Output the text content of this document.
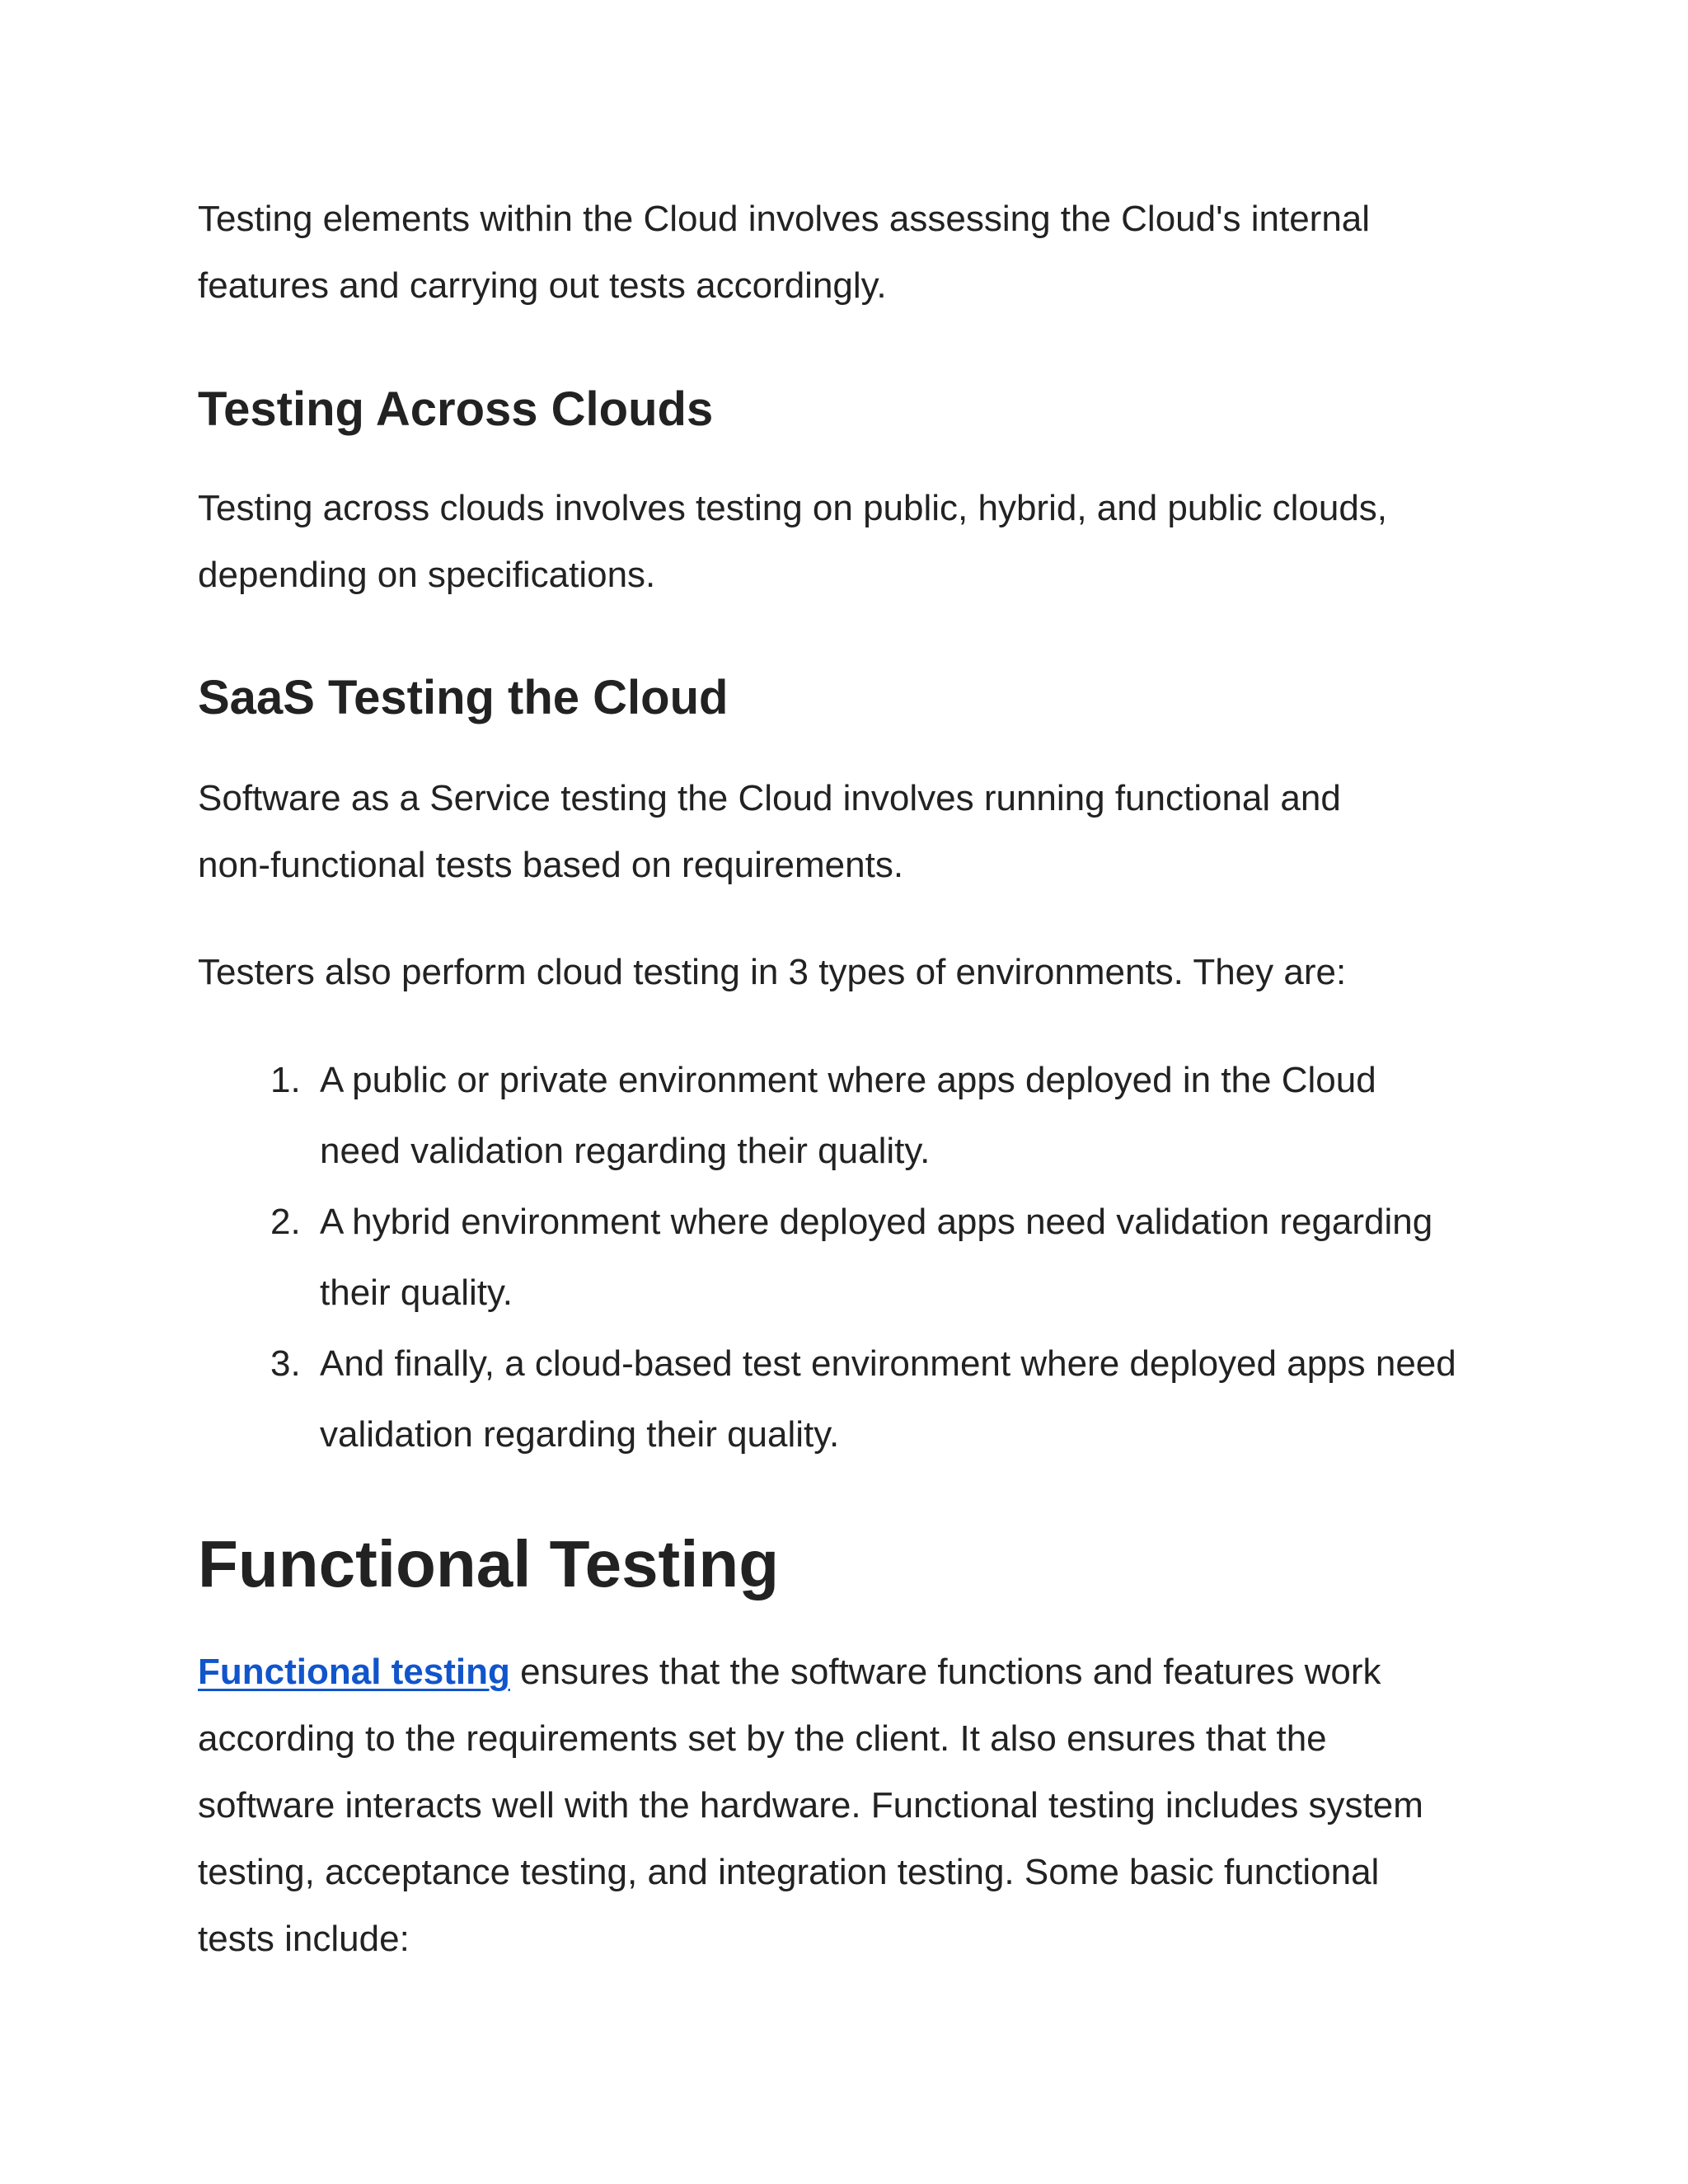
Testing elements within the Cloud involves assessing the Cloud's internal
features and carrying out tests accordingly.

Testing Across Clouds

Testing across clouds involves testing on public, hybrid, and public clouds,
depending on specifications.

SaaS Testing the Cloud

Software as a Service testing the Cloud involves running functional and
non-functional tests based on requirements.

Testers also perform cloud testing in 3 types of environments. They are:

1. A public or private environment where apps deployed in the Cloud
need validation regarding their quality.
2. A hybrid environment where deployed apps need validation regarding
their quality.
3. And finally, a cloud-based test environment where deployed apps need
validation regarding their quality.
Functional Testing

Functional testing ensures that the software functions and features work
according to the requirements set by the client. It also ensures that the
software interacts well with the hardware. Functional testing includes system
testing, acceptance testing, and integration testing. Some basic functional
tests include:
